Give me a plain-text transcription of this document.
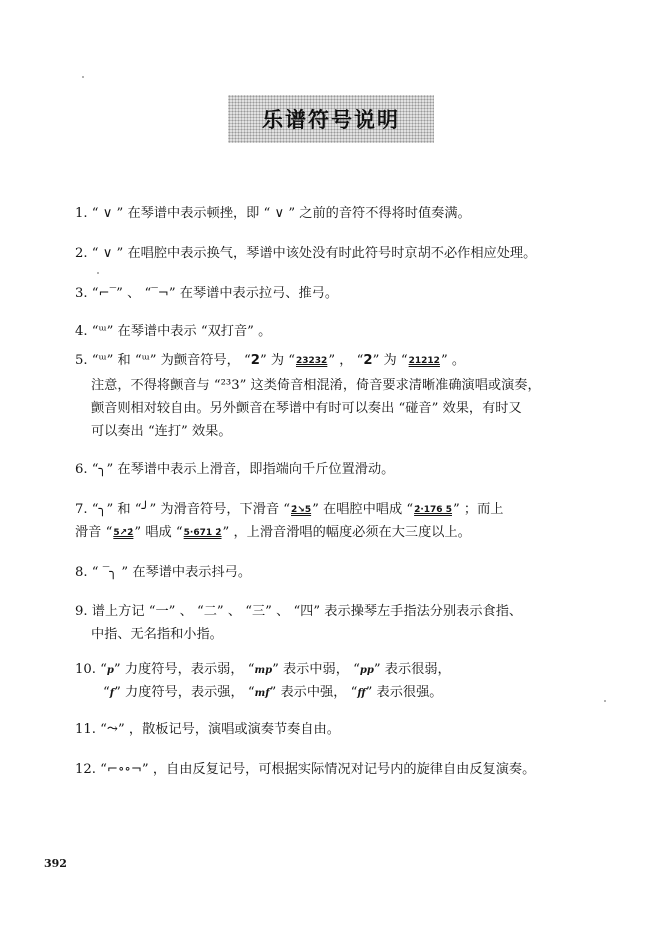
乐谱符号说明
1. “ ∨ ” 在琴谱中表示顿挫，即 “ ∨ ” 之前的音符不得将时值奏满。
2. “ ∨ ” 在唱腔中表示换气，琴谱中该处没有时此符号时京胡不必作相应处理。
3. “⌐‾” 、 “‾¬” 在琴谱中表示拉弓、推弓。
4. “ᵚ” 在琴谱中表示 “双打音” 。
5. “ᵚ” 和 “ᵚ” 为颤音符号， “2” 为 “23232” ， “2” 为 “21212” 。
注意，不得将颤音与 “²³3” 这类倚音相混淆，倚音要求清晰准确演唱或演奏，
颤音则相对较自由。另外颤音在琴谱中有时可以奏出 “碰音” 效果，有时又
可以奏出 “连打” 效果。
6. “╮” 在琴谱中表示上滑音，即指端向千斤位置滑动。
7. “╮” 和 “╯” 为滑音符号，下滑音 “2̇↘5” 在唱腔中唱成 “2̇·176 5” ；而上
滑音 “5↗2̇” 唱成 “5·671 2̇” ，上滑音滑唱的幅度必须在大三度以上。
8. “ ‾╮ ” 在琴谱中表示抖弓。
9. 谱上方记 “一” 、 “二” 、 “三” 、 “四” 表示操琴左手指法分别表示食指、
中指、无名指和小指。
10. “p” 力度符号，表示弱， “mp” 表示中弱， “pp” 表示很弱，
“f” 力度符号，表示强， “mf” 表示中强， “ff” 表示很强。
11. “⤳” ，散板记号，演唱或演奏节奏自由。
12. “⌐∘∘¬” ，自由反复记号，可根据实际情况对记号内的旋律自由反复演奏。
392
